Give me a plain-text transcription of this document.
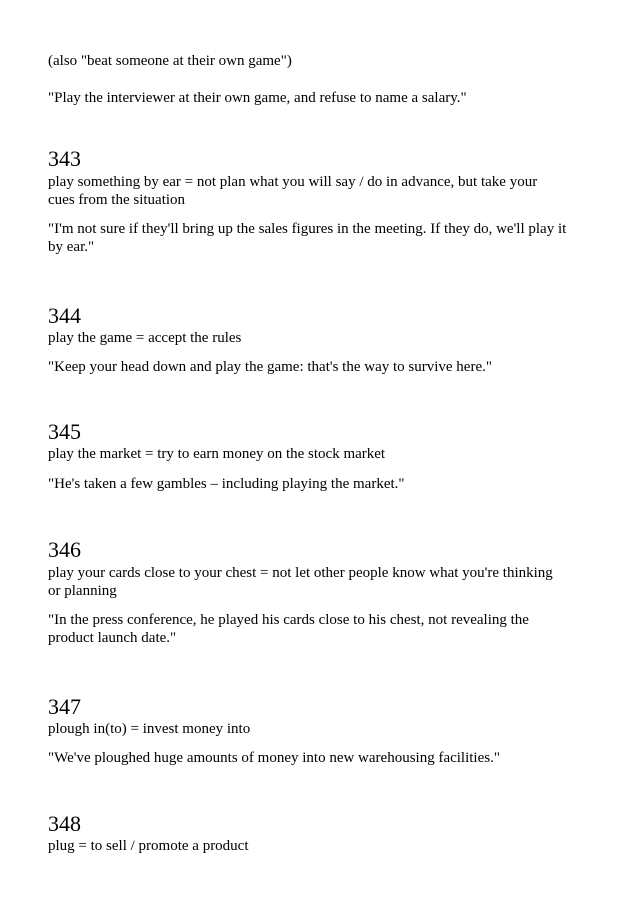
(also "beat someone at their own game")
"Play the interviewer at their own game, and refuse to name a salary."
343
play something by ear = not plan what you will say / do in advance, but take your
cues from the situation
"I'm not sure if they'll bring up the sales figures in the meeting. If they do, we'll play it
by ear."
344
play the game = accept the rules
"Keep your head down and play the game: that's the way to survive here."
345
play the market = try to earn money on the stock market
"He's taken a few gambles – including playing the market."
346
play your cards close to your chest = not let other people know what you're thinking
or planning
"In the press conference, he played his cards close to his chest, not revealing the
product launch date."
347
plough in(to) = invest money into
"We've ploughed huge amounts of money into new warehousing facilities."
348
plug = to sell / promote a product
